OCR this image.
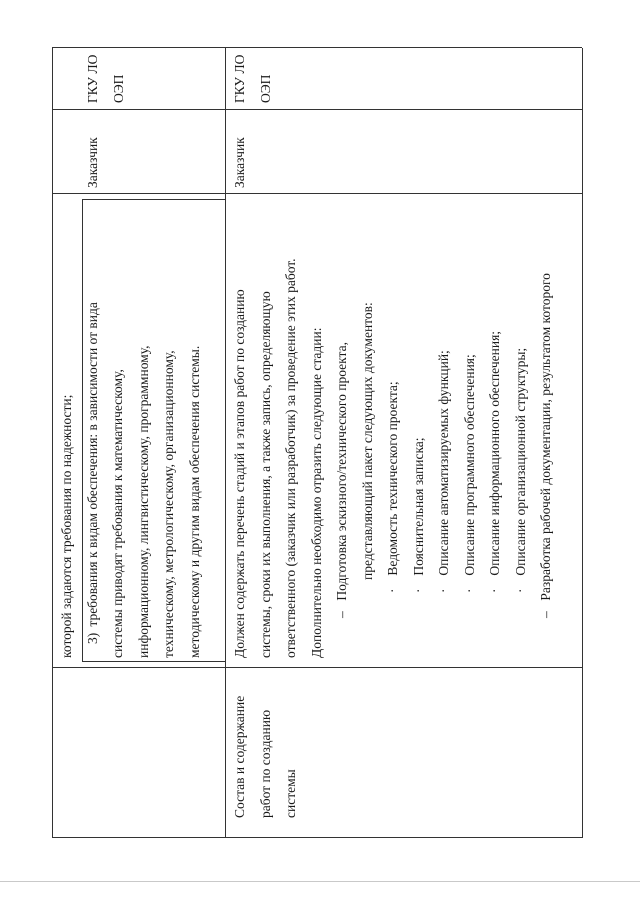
которой задаются требования по надежности; 3) требования к видам обеспечения: в зависимости от вида системы приводят требования к математическому, информационному, лингвистическому, программному, техническому, метрологическому, организационному, методическому и другим видам обеспечения системы.
Заказчик
ГКУ ЛО ОЭП
Состав и содержание работ по созданию системы
Должен содержать перечень стадий и этапов работ по созданию системы, сроки их выполнения, а также запись, определяющую ответственного (заказчик или разработчик) за проведение этих работ. Дополнительно необходимо отразить следующие стадии: – Подготовка эскизного/технического проекта, представляющий пакет следующих документов:
· Ведомость технического проекта;
· Пояснительная записка;
· Описание автоматизируемых функций;
· Описание программного обеспечения;
· Описание информационного обеспечения;
· Описание организационной структуры;
– Разработка рабочей документации, результатом которого
Заказчик
ГКУ ЛО ОЭП
